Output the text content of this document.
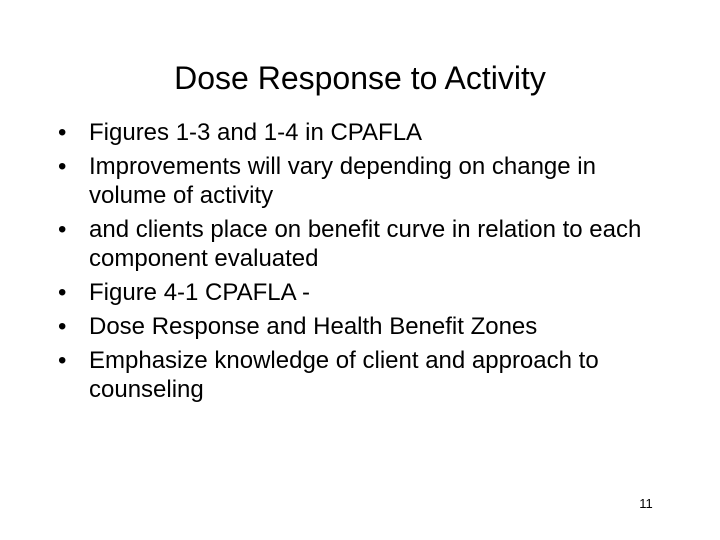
Dose Response to Activity
• Figures 1-3 and 1-4 in CPAFLA
• Improvements will vary depending on change in volume of activity
• and clients place on benefit curve in relation to each component evaluated
• Figure 4-1 CPAFLA -
• Dose Response and Health Benefit Zones
• Emphasize knowledge of client and approach to counseling
11
